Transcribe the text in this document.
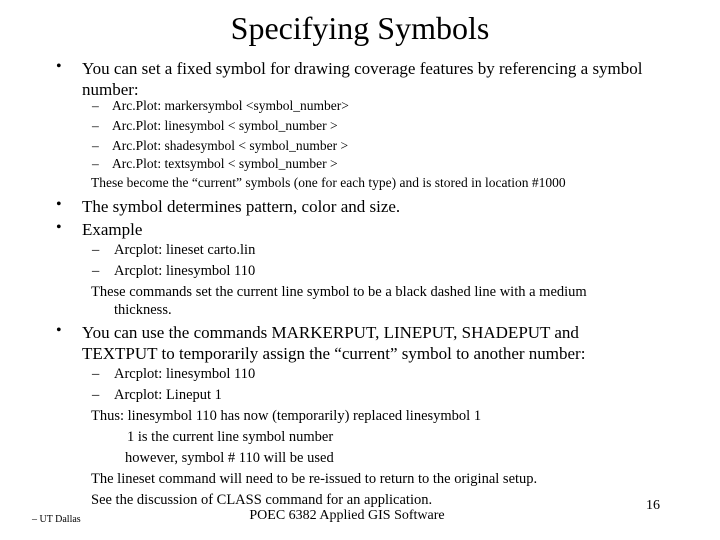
Specifying Symbols
• You can set a fixed symbol for drawing coverage features by referencing a symbol number:
– Arc.Plot: markersymbol <symbol_number>
– Arc.Plot: linesymbol < symbol_number >
– Arc.Plot: shadesymbol < symbol_number >
– Arc.Plot: textsymbol < symbol_number >
These become the “current” symbols (one for each type) and is stored in location #1000
• The symbol determines pattern, color and size.
• Example
– Arcplot: lineset carto.lin
– Arcplot: linesymbol 110
These commands set the current line symbol to be a black dashed line with a medium
thickness.
• You can use the commands MARKERPUT, LINEPUT, SHADEPUT and
TEXTPUT to temporarily assign the “current” symbol to another number:
– Arcplot: linesymbol 110
– Arcplot: Lineput 1
Thus: linesymbol 110 has now (temporarily) replaced linesymbol 1
1 is the current line symbol number
however, symbol # 110 will be used
The lineset command will need to be re-issued to return to the original setup.
See the discussion of CLASS command for an application.
– UT Dallas	POEC 6382 Applied GIS Software
16
